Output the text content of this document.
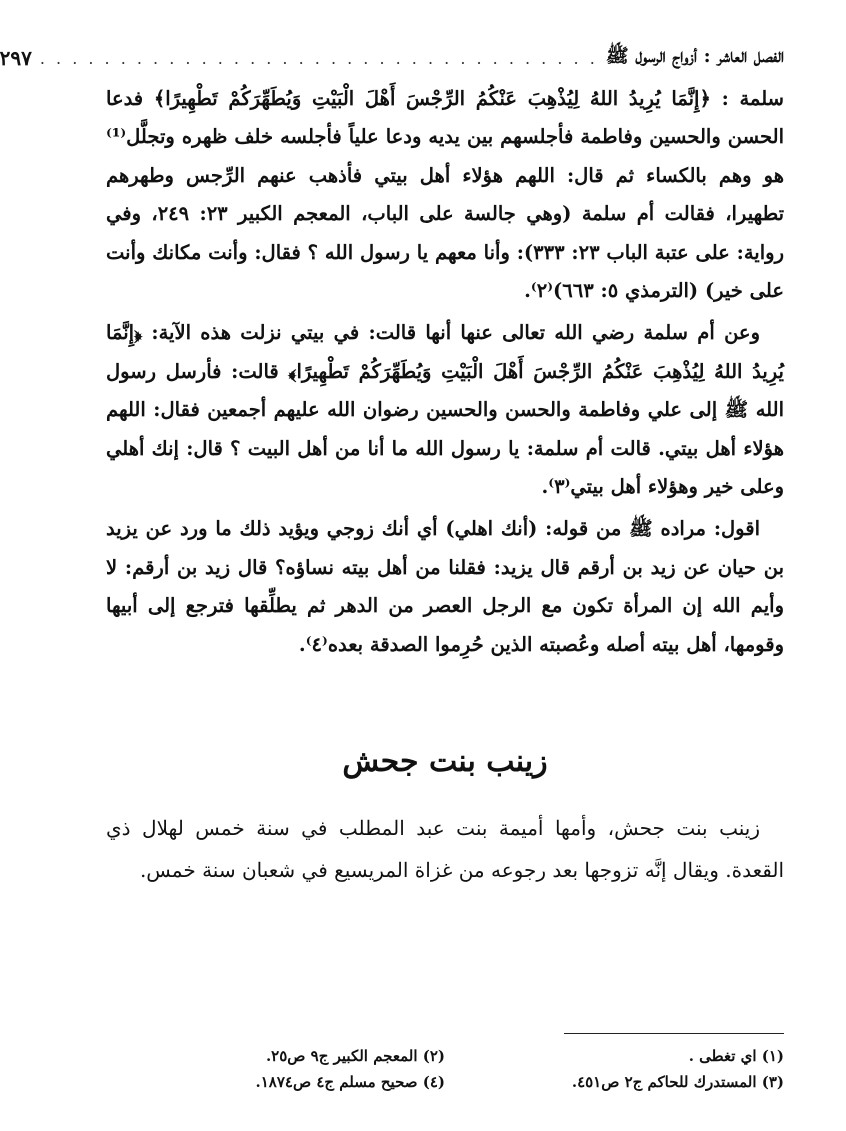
الفصل العاشر : أزواج الرسول ﷺ
. . . . . . . . . . . . . . . . . . . . . . . . . . . . . . . . . . .
٢٩٧

سلمة : ﴿إِنَّمَا يُرِيدُ اللهُ لِيُذْهِبَ عَنْكُمُ الرِّجْسَ أَهْلَ الْبَيْتِ وَيُطَهِّرَكُمْ تَطْهِيرًا﴾ فدعا الحسن والحسين وفاطمة فأجلسهم بين يديه ودعا علياً فأجلسه خلف ظهره وتجلَّل⁽¹⁾ هو وهم بالكساء ثم قال: اللهم هؤلاء أهل بيتي فأذهب عنهم الرِّجس وطهرهم تطهيرا، فقالت أم سلمة (وهي جالسة على الباب، المعجم الكبير ٢٣: ٢٤٩، وفي رواية: على عتبة الباب ٢٣: ٣٣٣): وأنا معهم يا رسول الله ؟ فقال: وأنت مكانك وأنت على خير) (الترمذي ٥: ٦٦٣)⁽٢⁾.

وعن أم سلمة رضي الله تعالى عنها أنها قالت: في بيتي نزلت هذه الآية: ﴿إِنَّمَا يُرِيدُ اللهُ لِيُذْهِبَ عَنْكُمُ الرِّجْسَ أَهْلَ الْبَيْتِ وَيُطَهِّرَكُمْ تَطْهِيرًا﴾ قالت: فأرسل رسول الله ﷺ إلى علي وفاطمة والحسن والحسين رضوان الله عليهم أجمعين فقال: اللهم هؤلاء أهل بيتي. قالت أم سلمة: يا رسول الله ما أنا من أهل البيت ؟ قال: إنك أهلي وعلى خير وهؤلاء أهل بيتي⁽٣⁾.

اقول: مراده ﷺ من قوله: (أنك اهلي) أي أنك زوجي ويؤيد ذلك ما ورد عن يزيد بن حيان عن زيد بن أرقم قال يزيد: فقلنا من أهل بيته نساؤه؟ قال زيد بن أرقم: لا وأيم الله إن المرأة تكون مع الرجل العصر من الدهر ثم يطلِّقها فترجع إلى أبيها وقومها، أهل بيته أصله وعُصبته الذين حُرِموا الصدقة بعده⁽٤⁾.

زينب بنت جحش

زينب بنت جحش، وأمها أميمة بنت عبد المطلب في سنة خمس لهلال ذي القعدة. ويقال إنَّه تزوجها بعد رجوعه من غزاة المريسيع في شعبان سنة خمس.

(١) اي تغطى .
(٢) المعجم الكبير ج٩ ص٢٥.
(٣) المستدرك للحاكم ج٢ ص٤٥١.
(٤) صحيح مسلم ج٤ ص١٨٧٤.
